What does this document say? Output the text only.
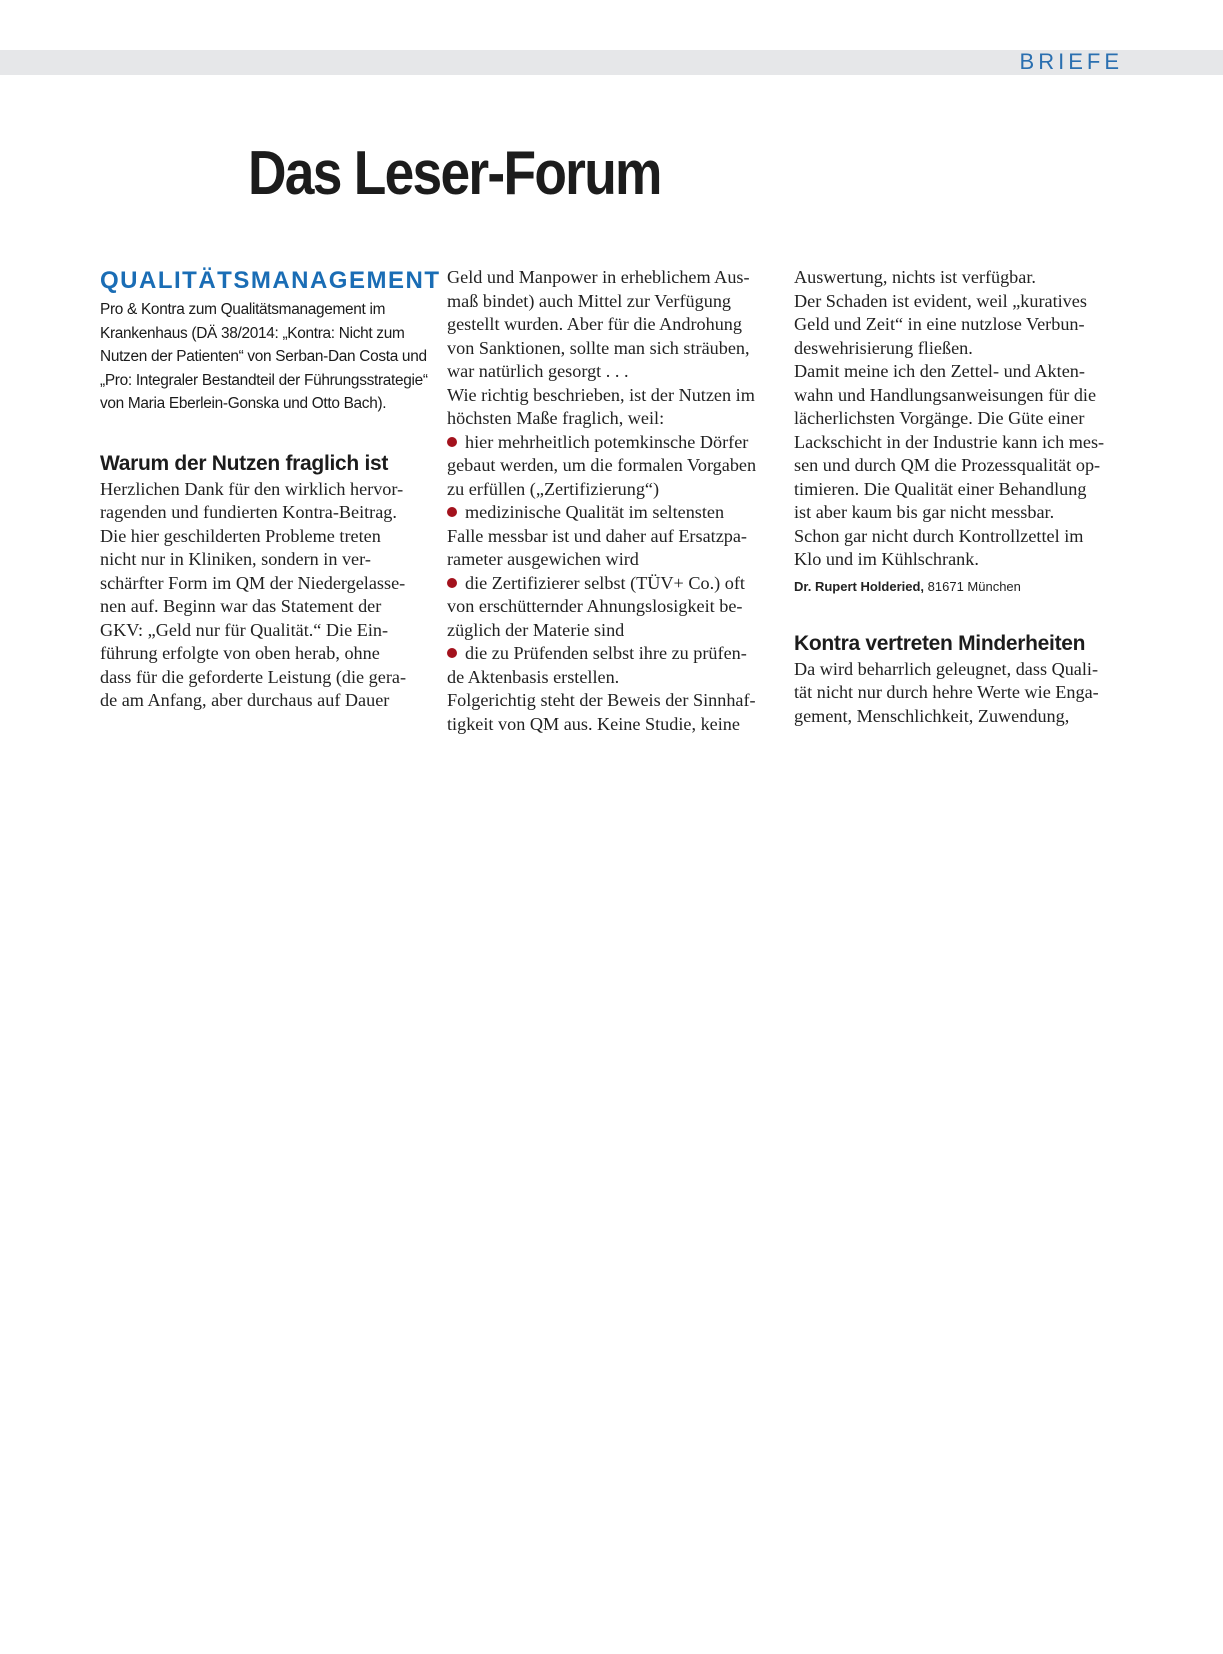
BRIEFE
Das Leser-Forum
QUALITÄTSMANAGEMENT

Pro & Kontra zum Qualitätsmanagement im Krankenhaus (DÄ 38/2014: „Kontra: Nicht zum Nutzen der Patienten“ von Serban-Dan Costa und „Pro: Integraler Bestandteil der Führungsstrategie“ von Maria Eberlein-Gonska und Otto Bach).

Warum der Nutzen fraglich ist

Herzlichen Dank für den wirklich hervor-
ragenden und fundierten Kontra-Beitrag.
Die hier geschilderten Probleme treten
nicht nur in Kliniken, sondern in ver-
schärfter Form im QM der Niedergelasse-
nen auf. Beginn war das Statement der
GKV: „Geld nur für Qualität.“ Die Ein-
führung erfolgte von oben herab, ohne
dass für die geforderte Leistung (die gera-
de am Anfang, aber durchaus auf Dauer

Geld und Manpower in erheblichem Aus-
maß bindet) auch Mittel zur Verfügung
gestellt wurden. Aber für die Androhung
von Sanktionen, sollte man sich sträuben,
war natürlich gesorgt . . .
Wie richtig beschrieben, ist der Nutzen im
höchsten Maße fraglich, weil:
hier mehrheitlich potemkinsche Dörfer
gebaut werden, um die formalen Vorgaben
zu erfüllen („Zertifizierung“)
medizinische Qualität im seltensten
Falle messbar ist und daher auf Ersatzpa-
rameter ausgewichen wird
die Zertifizierer selbst (TÜV+ Co.) oft
von erschütternder Ahnungslosigkeit be-
züglich der Materie sind
die zu Prüfenden selbst ihre zu prüfen-
de Aktenbasis erstellen.
Folgerichtig steht der Beweis der Sinnhaf-
tigkeit von QM aus. Keine Studie, keine

Auswertung, nichts ist verfügbar.
Der Schaden ist evident, weil „kuratives
Geld und Zeit“ in eine nutzlose Verbun-
deswehrisierung fließen.
Damit meine ich den Zettel- und Akten-
wahn und Handlungsanweisungen für die
lächerlichsten Vorgänge. Die Güte einer
Lackschicht in der Industrie kann ich mes-
sen und durch QM die Prozessqualität op-
timieren. Die Qualität einer Behandlung
ist aber kaum bis gar nicht messbar.
Schon gar nicht durch Kontrollzettel im
Klo und im Kühlschrank.

Dr. Rupert Holderied, 81671 München

Kontra vertreten Minderheiten

Da wird beharrlich geleugnet, dass Quali-
tät nicht nur durch hehre Werte wie Enga-
gement, Menschlichkeit, Zuwendung,
